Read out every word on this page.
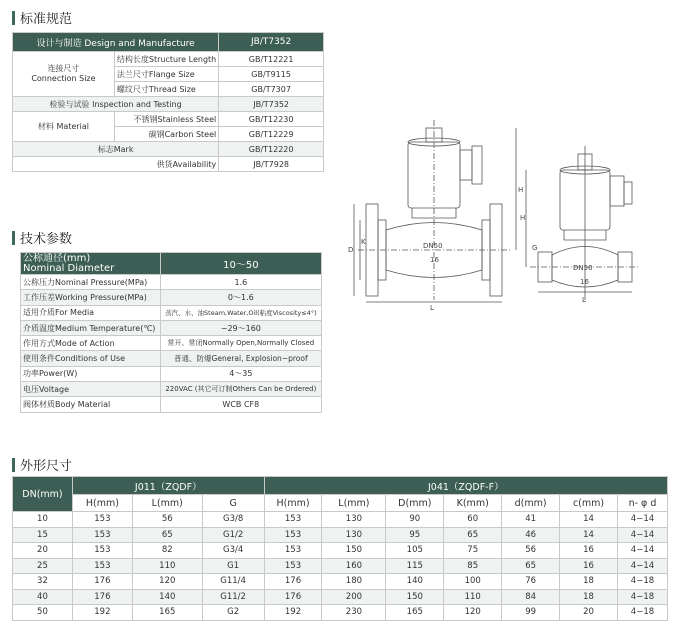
标准规范
设计与制造 Design and Manufacture		JB/T7352

连接尺寸
Connection Size	结构长度Structure Length	GB/T12221
	法兰尺寸Flange Size	GB/T9115
	螺纹尺寸Thread Size	GB/T7307
检验与试验 Inspection and Testing		JB/T7352
材料 Material	不锈钢Stainless Steel	GB/T12230
	碳钢Carbon Steel	GB/T12229
标志Mark		GB/T12220
供货Availability		JB/T7928
技术参数
公称通径(mm)
Nominal Diameter	10～50
公称压力Nominal Pressure(MPa)	1.6
工作压差Working Pressure(MPa)	0～1.6
适用介质For Media	蒸汽、水、油Steam,Water,Oil(粘度Viscosity≤4°)
介质温度Medium Temperature(℃)	−29～160
作用方式Mode of Action	常开、常闭Normally Open,Normally Closed
使用条件Conditions of Use	普通、防爆General, Explosion−proof
功率Power(W)	4～35
电压Voltage	220VAC (其它可订制Others Can be Ordered)
阀体材质Body Material	WCB CF8
DN50
16
H
L
D
K
DN50
16
H
L
G
外形尺寸
DN(mm)	J011（ZQDF）			J041（ZQDF-F）						
	H(mm)	L(mm)	G	H(mm)	L(mm)	D(mm)	K(mm)	d(mm)	c(mm)	n- φ d
10	153	56	G3/8	153	130	90	60	41	14	4−14
15	153	65	G1/2	153	130	95	65	46	14	4−14
20	153	82	G3/4	153	150	105	75	56	16	4−14
25	153	110	G1	153	160	115	85	65	16	4−14
32	176	120	G11/4	176	180	140	100	76	18	4−18
40	176	140	G11/2	176	200	150	110	84	18	4−18
50	192	165	G2	192	230	165	120	99	20	4−18
